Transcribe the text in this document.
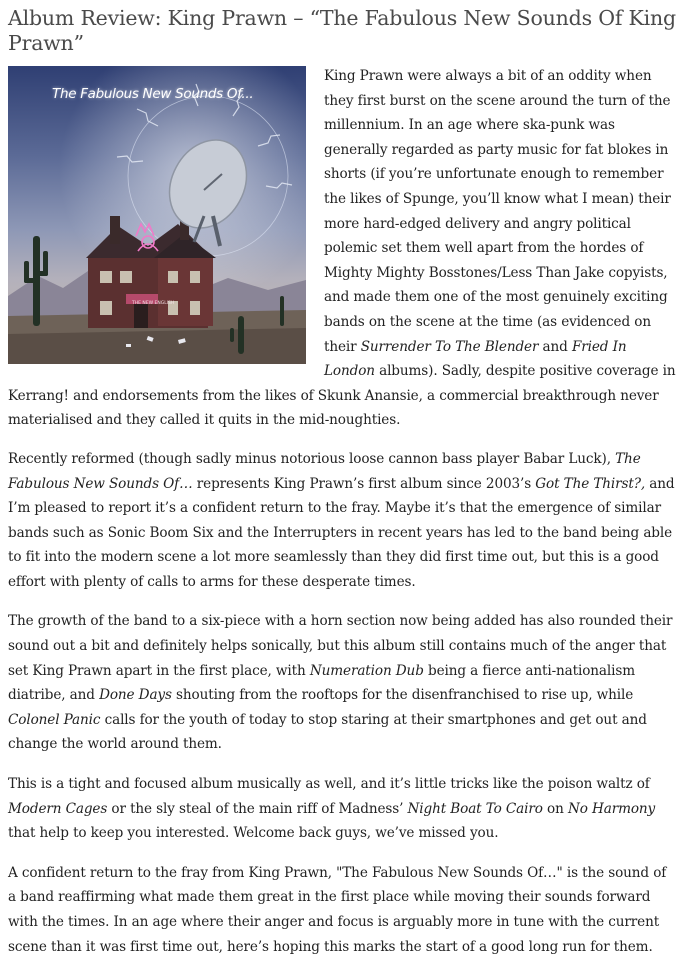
Album Review: King Prawn – “The Fabulous New Sounds Of King Prawn”
The Fabulous New Sounds Of...
THE NEW ENGLISH

King Prawn were always a bit of an oddity when they first burst on the scene around the turn of the millennium. In an age where ska-punk was generally regarded as party music for fat blokes in shorts (if you’re unfortunate enough to remember the likes of Spunge, you’ll know what I mean) their more hard-edged delivery and angry political polemic set them well apart from the hordes of Mighty Mighty Bosstones/Less Than Jake copyists, and made them one of the most genuinely exciting bands on the scene at the time (as evidenced on their Surrender To The Blender and Fried In London albums). Sadly, despite positive coverage in Kerrang! and endorsements from the likes of Skunk Anansie, a commercial breakthrough never materialised and they called it quits in the mid-noughties.

Recently reformed (though sadly minus notorious loose cannon bass player Babar Luck), The Fabulous New Sounds Of… represents King Prawn’s first album since 2003’s Got The Thirst?, and I’m pleased to report it’s a confident return to the fray. Maybe it’s that the emergence of similar bands such as Sonic Boom Six and the Interrupters in recent years has led to the band being able to fit into the modern scene a lot more seamlessly than they did first time out, but this is a good effort with plenty of calls to arms for these desperate times.

The growth of the band to a six-piece with a horn section now being added has also rounded their sound out a bit and definitely helps sonically, but this album still contains much of the anger that set King Prawn apart in the first place, with Numeration Dub being a fierce anti-nationalism diatribe, and Done Days shouting from the rooftops for the disenfranchised to rise up, while Colonel Panic calls for the youth of today to stop staring at their smartphones and get out and change the world around them.

This is a tight and focused album musically as well, and it’s little tricks like the poison waltz of Modern Cages or the sly steal of the main riff of Madness’ Night Boat To Cairo on No Harmony that help to keep you interested. Welcome back guys, we’ve missed you.

A confident return to the fray from King Prawn, "The Fabulous New Sounds Of…" is the sound of a band reaffirming what made them great in the first place while moving their sounds forward with the times. In an age where their anger and focus is arguably more in tune with the current scene than it was first time out, here’s hoping this marks the start of a good long run for them.
